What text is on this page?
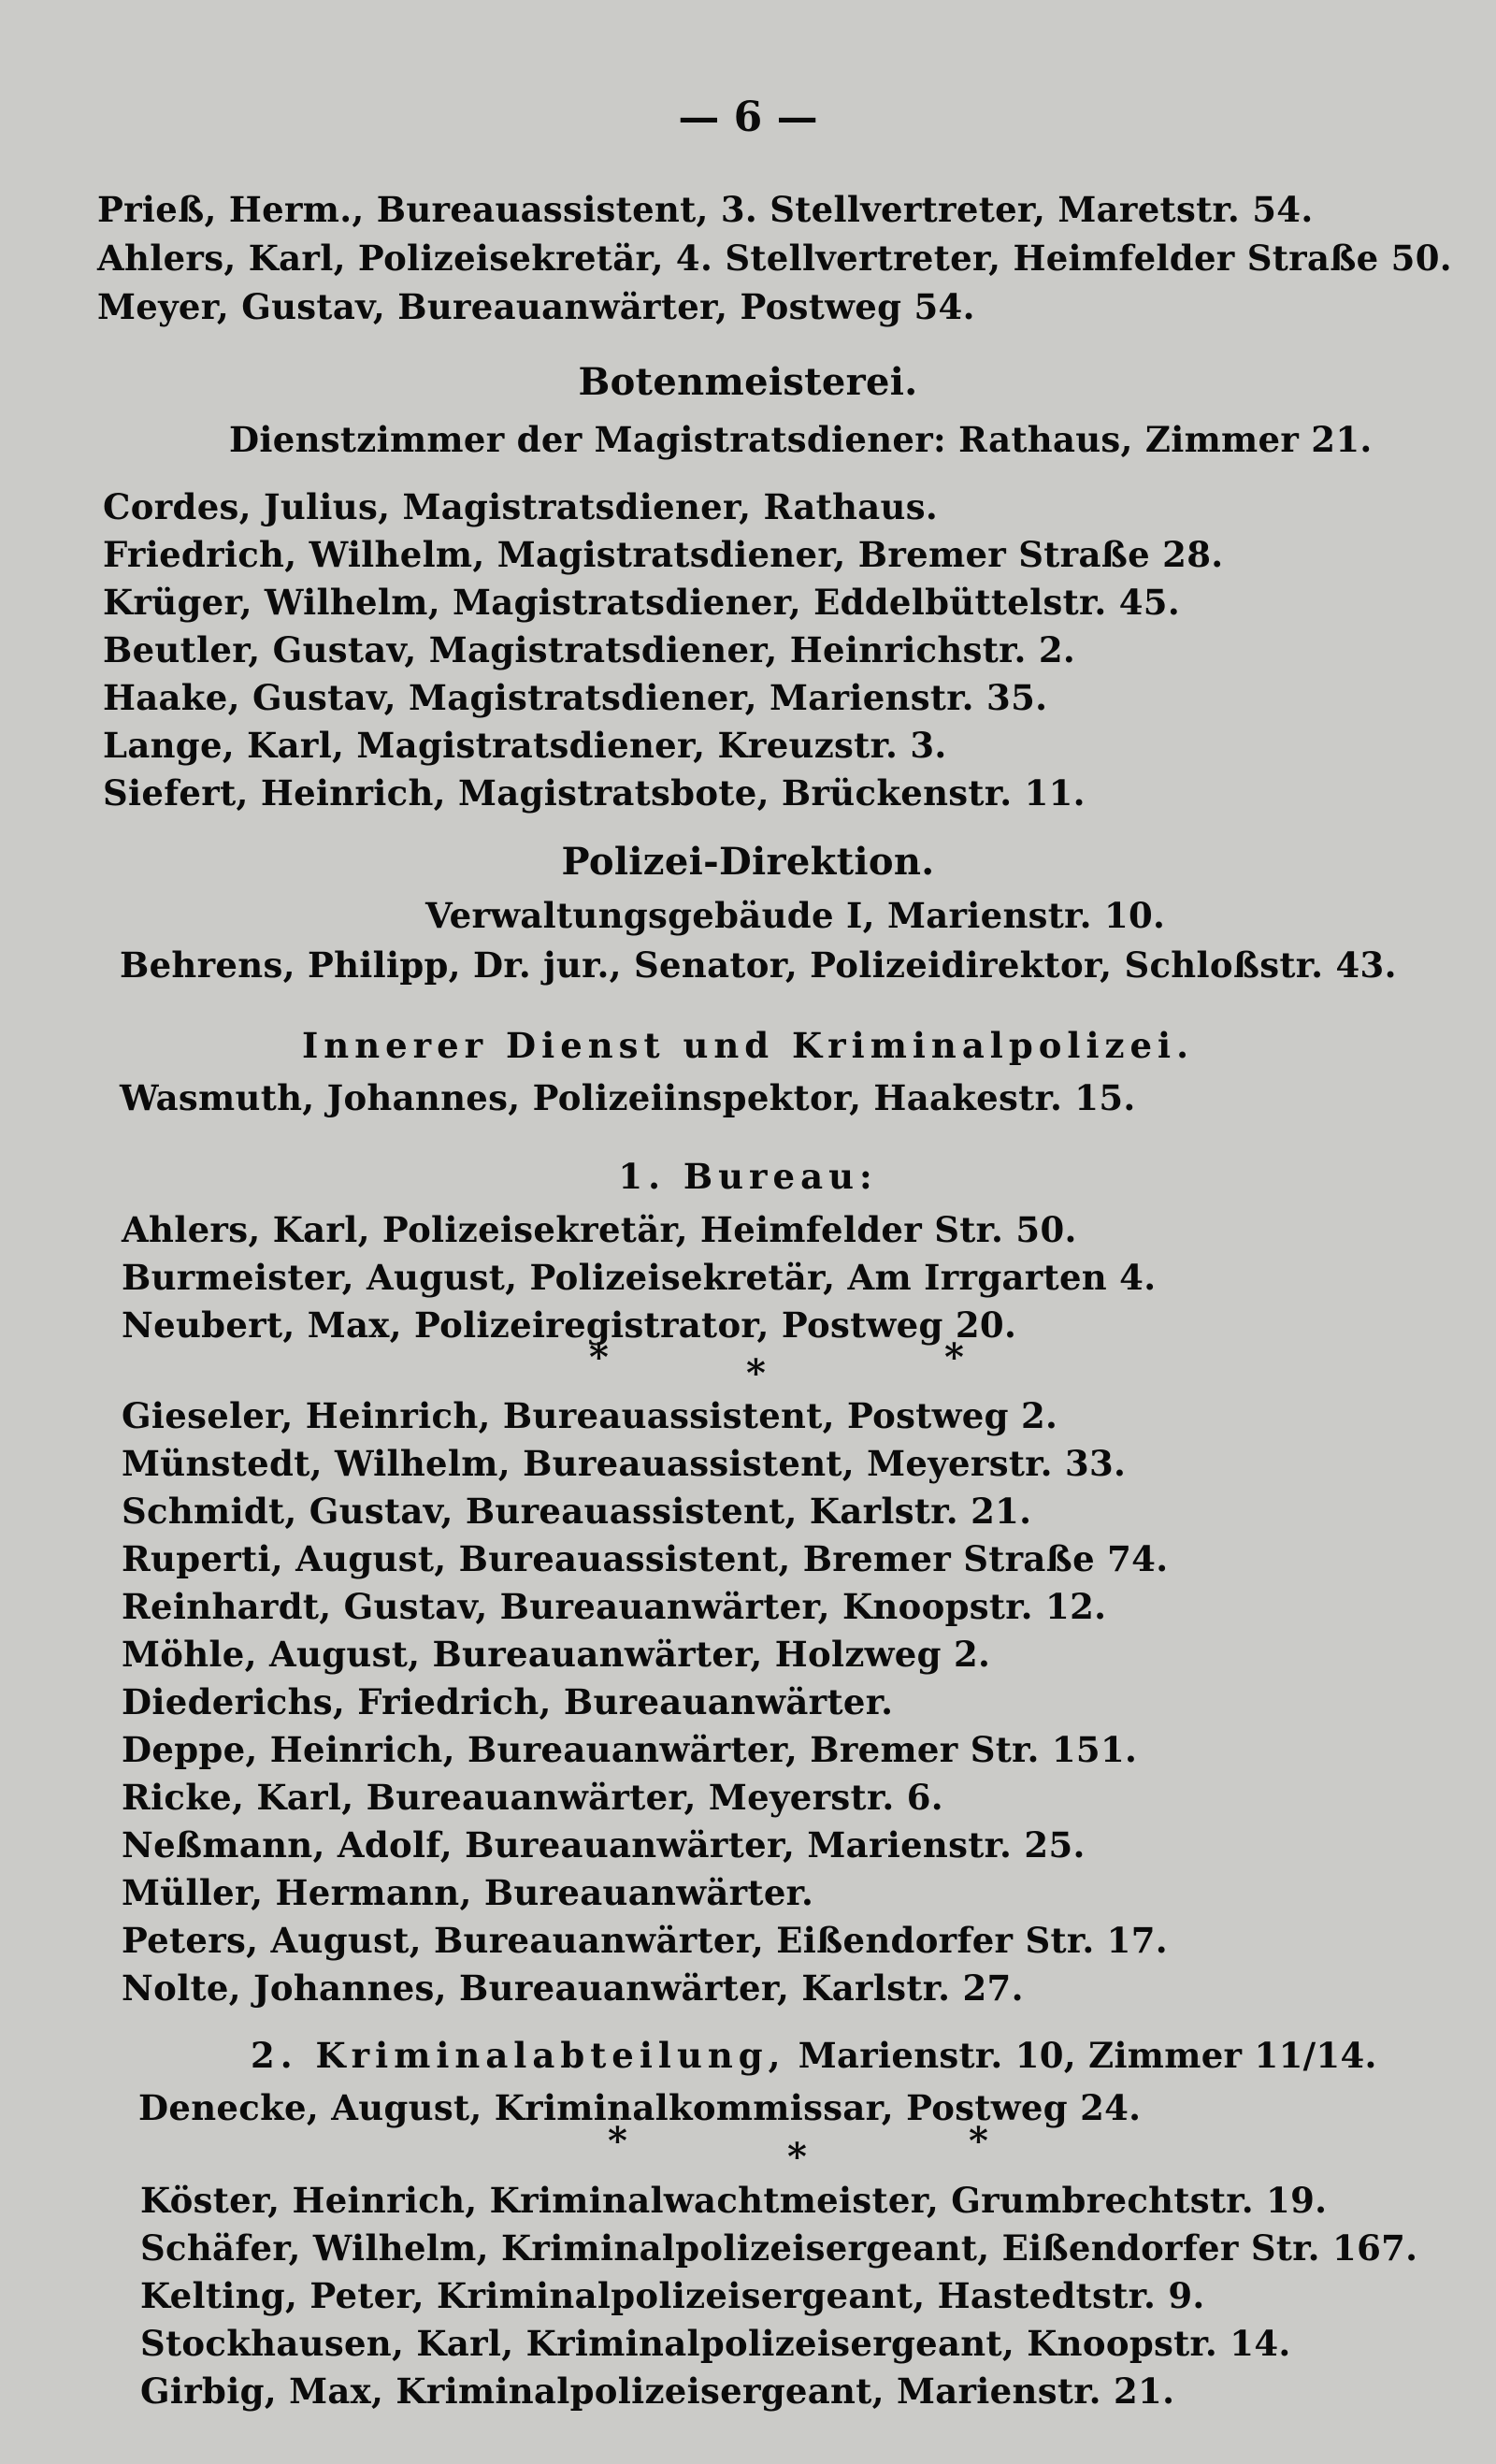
— 6 —
Prieß, Herm., Bureauassistent, 3. Stellvertreter, Maretstr. 54.
Ahlers, Karl, Polizeisekretär, 4. Stellvertreter, Heimfelder Straße 50.
Meyer, Gustav, Bureauanwärter, Postweg 54.
Botenmeisterei.
Dienstzimmer der Magistratsdiener: Rathaus, Zimmer 21.
Cordes, Julius, Magistratsdiener, Rathaus.
Friedrich, Wilhelm, Magistratsdiener, Bremer Straße 28.
Krüger, Wilhelm, Magistratsdiener, Eddelbüttelstr. 45.
Beutler, Gustav, Magistratsdiener, Heinrichstr. 2.
Haake, Gustav, Magistratsdiener, Marienstr. 35.
Lange, Karl, Magistratsdiener, Kreuzstr. 3.
Siefert, Heinrich, Magistratsbote, Brückenstr. 11.
Polizei-Direktion.
Verwaltungsgebäude I, Marienstr. 10.
Behrens, Philipp, Dr. jur., Senator, Polizeidirektor, Schloßstr. 43.
Innerer Dienst und Kriminalpolizei.
Wasmuth, Johannes, Polizeiinspektor, Haakestr. 15.
1. Bureau:
Ahlers, Karl, Polizeisekretär, Heimfelder Str. 50.
Burmeister, August, Polizeisekretär, Am Irrgarten 4.
Neubert, Max, Polizeiregistrator, Postweg 20.
*	*	*
Gieseler, Heinrich, Bureauassistent, Postweg 2.
Münstedt, Wilhelm, Bureauassistent, Meyerstr. 33.
Schmidt, Gustav, Bureauassistent, Karlstr. 21.
Ruperti, August, Bureauassistent, Bremer Straße 74.
Reinhardt, Gustav, Bureauanwärter, Knoopstr. 12.
Möhle, August, Bureauanwärter, Holzweg 2.
Diederichs, Friedrich, Bureauanwärter.
Deppe, Heinrich, Bureauanwärter, Bremer Str. 151.
Ricke, Karl, Bureauanwärter, Meyerstr. 6.
Neßmann, Adolf, Bureauanwärter, Marienstr. 25.
Müller, Hermann, Bureauanwärter.
Peters, August, Bureauanwärter, Eißendorfer Str. 17.
Nolte, Johannes, Bureauanwärter, Karlstr. 27.
2. Kriminalabteilung, Marienstr. 10, Zimmer 11/14.
Denecke, August, Kriminalkommissar, Postweg 24.
*	*	*
Köster, Heinrich, Kriminalwachtmeister, Grumbrechtstr. 19.
Schäfer, Wilhelm, Kriminalpolizeisergeant, Eißendorfer Str. 167.
Kelting, Peter, Kriminalpolizeisergeant, Hastedtstr. 9.
Stockhausen, Karl, Kriminalpolizeisergeant, Knoopstr. 14.
Girbig, Max, Kriminalpolizeisergeant, Marienstr. 21.
